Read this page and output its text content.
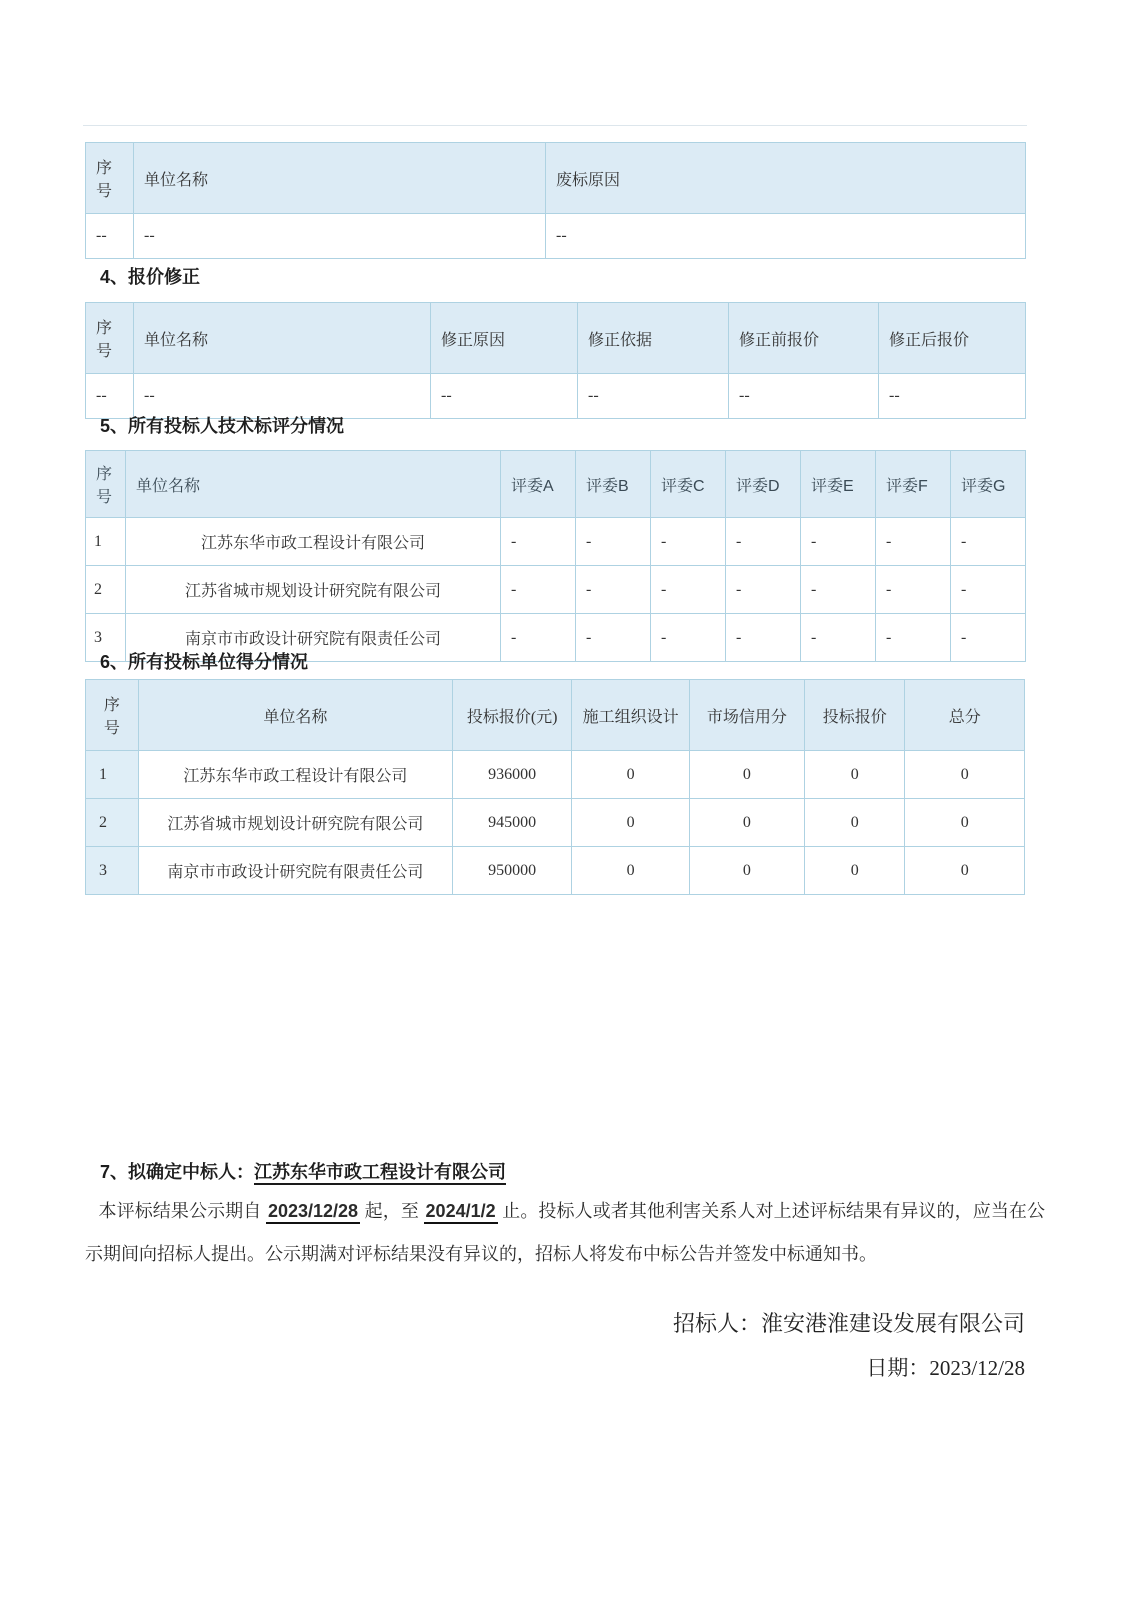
序号	单位名称	废标原因
--	--	--
4、报价修正
序号	单位名称	修正原因	修正依据	修正前报价	修正后报价
--	--	--	--	--	--
5、所有投标人技术标评分情况
序号	单位名称	评委A	评委B	评委C	评委D	评委E	评委F	评委G
1	江苏东华市政工程设计有限公司	-	-	-	-	-	-	-
2	江苏省城市规划设计研究院有限公司	-	-	-	-	-	-	-
3	南京市市政设计研究院有限责任公司	-	-	-	-	-	-	-
6、所有投标单位得分情况
序号	单位名称	投标报价(元)	施工组织设计	市场信用分	投标报价	总分
1	江苏东华市政工程设计有限公司	936000	0	0	0	0
2	江苏省城市规划设计研究院有限公司	945000	0	0	0	0
3	南京市市政设计研究院有限责任公司	950000	0	0	0	0
7、拟确定中标人：江苏东华市政工程设计有限公司

本评标结果公示期自 2023/12/28 起，至 2024/1/2 止。投标人或者其他利害关系人对上述评标结果有异议的，应当在公示期间向招标人提出。公示期满对评标结果没有异议的，招标人将发布中标公告并签发中标通知书。

招标人：淮安港淮建设发展有限公司
日期：2023/12/28
